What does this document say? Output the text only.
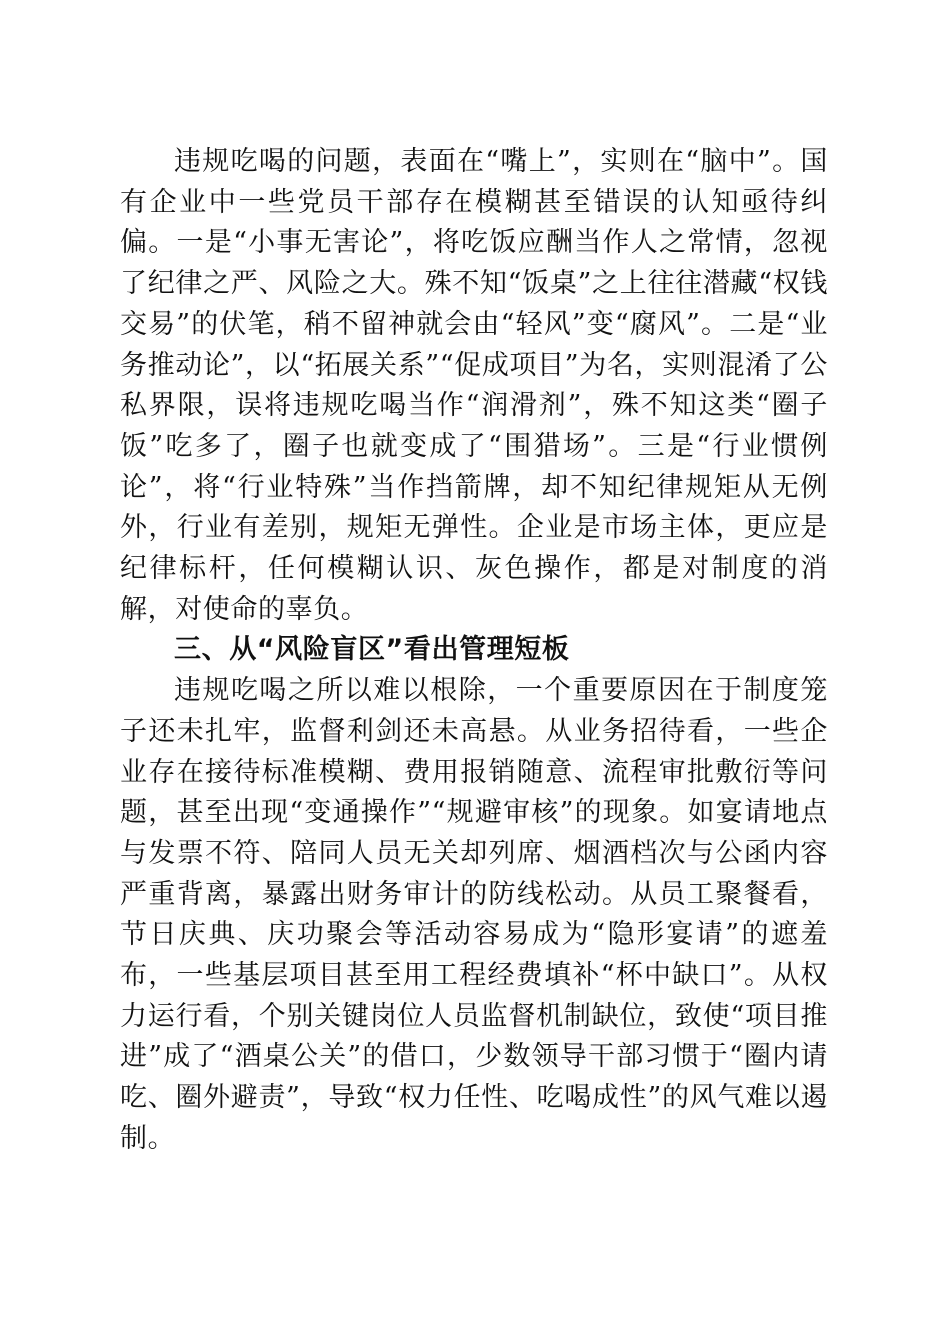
违规吃喝的问题，表面在“嘴上”，实则在“脑中”。国有企业中一些党员干部存在模糊甚至错误的认知亟待纠偏。一是“小事无害论”，将吃饭应酬当作人之常情，忽视了纪律之严、风险之大。殊不知“饭桌”之上往往潜藏“权钱交易”的伏笔，稍不留神就会由“轻风”变“腐风”。二是“业务推动论”，以“拓展关系”“促成项目”为名，实则混淆了公私界限，误将违规吃喝当作“润滑剂”，殊不知这类“圈子饭”吃多了，圈子也就变成了“围猎场”。三是“行业惯例论”，将“行业特殊”当作挡箭牌，却不知纪律规矩从无例外，行业有差别，规矩无弹性。企业是市场主体，更应是纪律标杆，任何模糊认识、灰色操作，都是对制度的消解，对使命的辜负。

三、从“风险盲区”看出管理短板

违规吃喝之所以难以根除，一个重要原因在于制度笼子还未扎牢，监督利剑还未高悬。从业务招待看，一些企业存在接待标准模糊、费用报销随意、流程审批敷衍等问题，甚至出现“变通操作”“规避审核”的现象。如宴请地点与发票不符、陪同人员无关却列席、烟酒档次与公函内容严重背离，暴露出财务审计的防线松动。从员工聚餐看，节日庆典、庆功聚会等活动容易成为“隐形宴请”的遮羞布，一些基层项目甚至用工程经费填补“杯中缺口”。从权力运行看，个别关键岗位人员监督机制缺位，致使“项目推进”成了“酒桌公关”的借口，少数领导干部习惯于“圈内请吃、圈外避责”，导致“权力任性、吃喝成性”的风气难以遏制。
